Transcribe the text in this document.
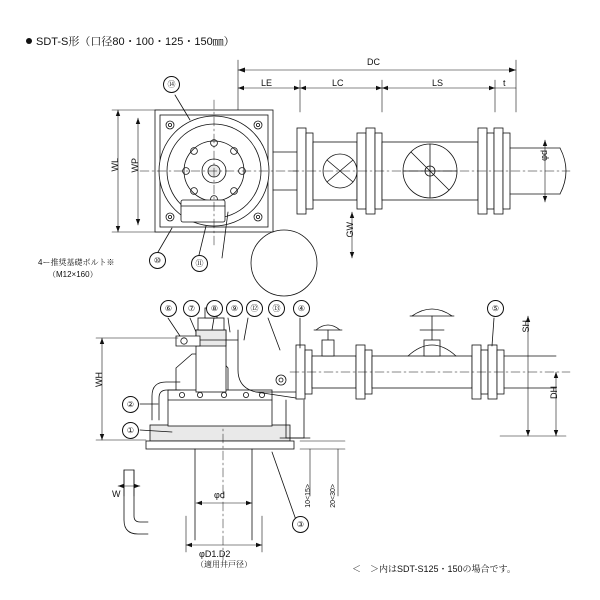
SDT-S形（口径80・100・125・150㎜）
DC
LE	LC	LS	t
WL WP
GW
φd
SH
DH
WH
W	φd
φD1.D2
（適用井戸径）
10<15>	20<30>
4ー推奨基礎ボルト※
（M12×160）
＜　＞内はSDT-S125・150の場合です。
⑭
⑩	⑪
⑥	⑦	⑧	⑨	⑫	⑬	④	⑤
②
①
③
